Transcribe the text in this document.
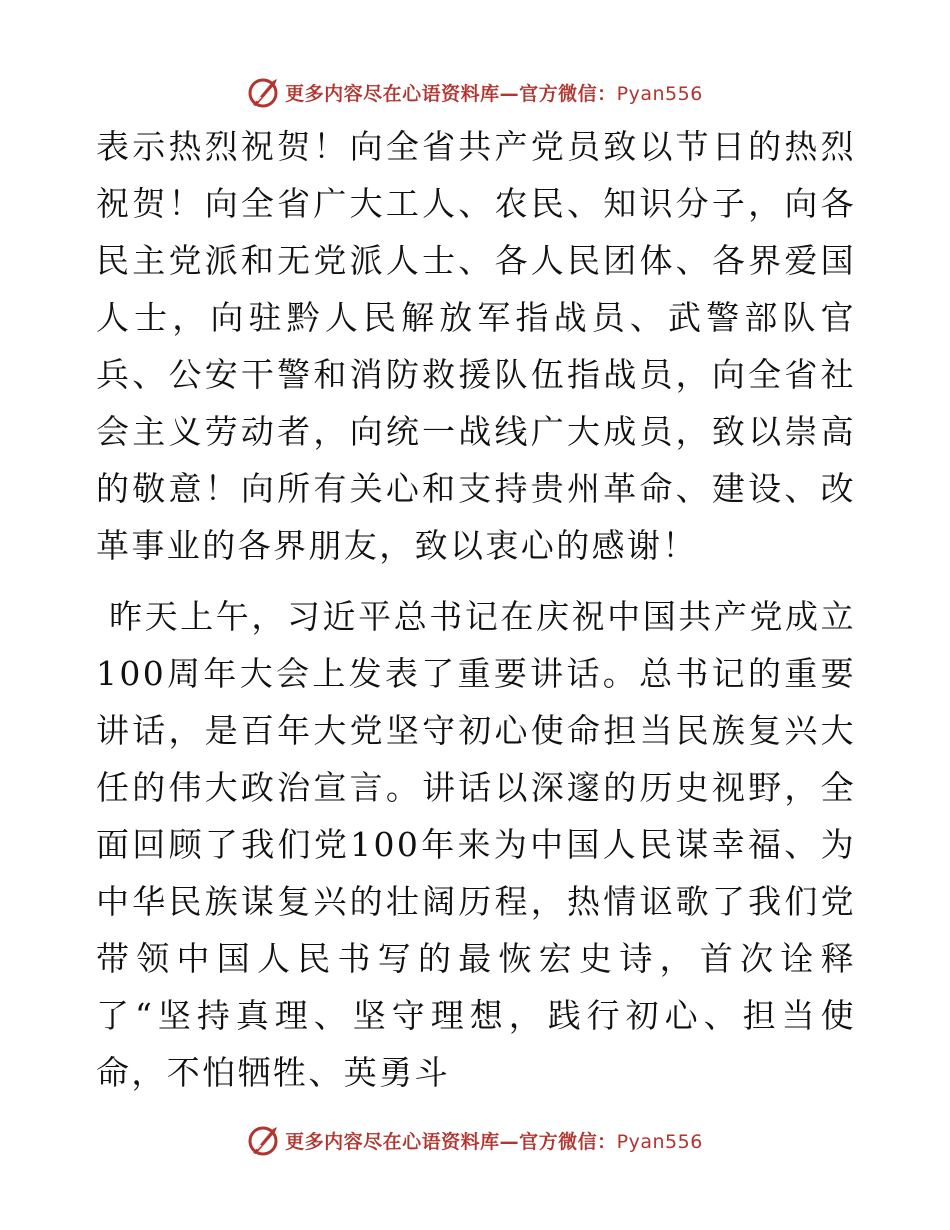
更多内容尽在心语资料库—官方微信：Pyan556

表示热烈祝贺！向全省共产党员致以节日的热烈祝贺！向全省广大工人、农民、知识分子，向各民主党派和无党派人士、各人民团体、各界爱国人士，向驻黔人民解放军指战员、武警部队官兵、公安干警和消防救援队伍指战员，向全省社会主义劳动者，向统一战线广大成员，致以崇高的敬意！向所有关心和支持贵州革命、建设、改革事业的各界朋友，致以衷心的感谢！

昨天上午，习近平总书记在庆祝中国共产党成立100周年大会上发表了重要讲话。总书记的重要讲话，是百年大党坚守初心使命担当民族复兴大任的伟大政治宣言。讲话以深邃的历史视野，全面回顾了我们党100年来为中国人民谋幸福、为中华民族谋复兴的壮阔历程，热情讴歌了我们党带领中国人民书写的最恢宏史诗，首次诠释了“坚持真理、坚守理想，践行初心、担当使命，不怕牺牲、英勇斗

更多内容尽在心语资料库—官方微信：Pyan556
